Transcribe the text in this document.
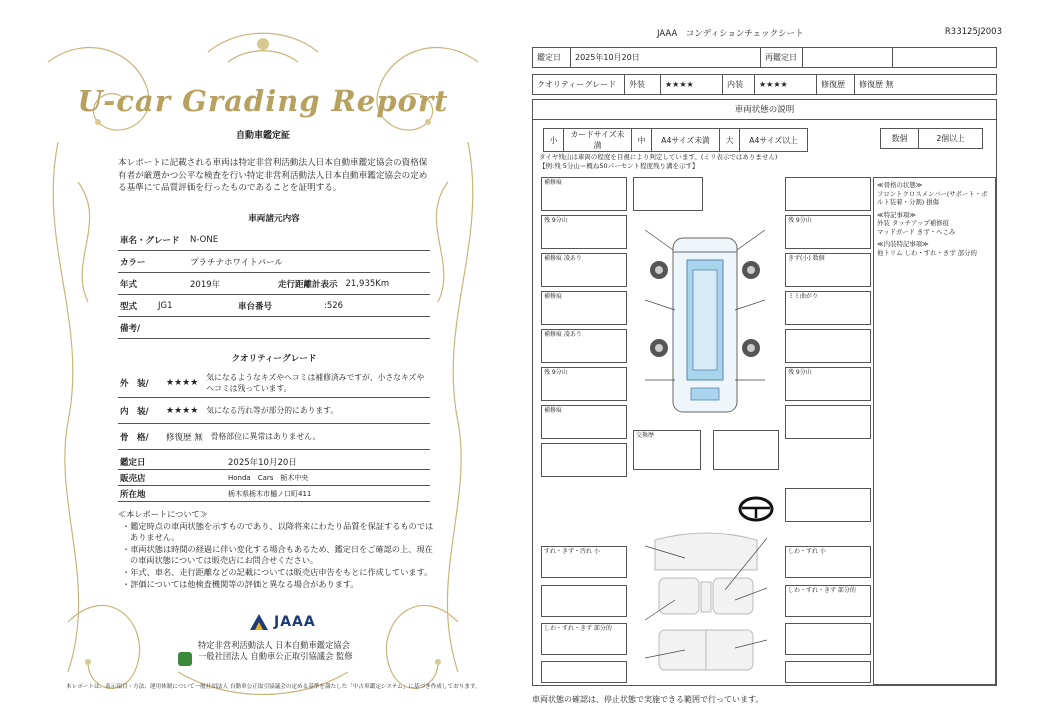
U-car Grading Report
自動車鑑定証
本レポートに記載される車両は特定非営利活動法人日本自動車鑑定協会の資格保有者が厳選かつ公平な検査を行い特定非営利活動法人日本自動車鑑定協会の定める基準にて品質評価を行ったものであることを証明する。
車両諸元内容
車名・グレード	N-ONE
カラー	プラチナホワイトパール
年式	2019年	走行距離計表示 21,935Km
型式	JG1	車台番号	:526
備考/
クオリティーグレード
外　装/	★★★★
気になるようなキズやヘコミは補修済みですが、小さなキズやヘコミは残っています。
内　装/	★★★★	気になる汚れ等が部分的にあります。
骨　格/	修復歴 無	骨格部位に異常はありません。
鑑定日	2025年10月20日
販売店	Honda　Cars　栃木中央
所在地	栃木県栃木市樋ノ口町411
≪本レポートについて≫
・鑑定時点の車両状態を示すものであり、以降将来にわたり品質を保証するものではありません。
・車両状態は時間の経過に伴い変化する場合もあるため、鑑定日をご確認の上、現在の車両状態については販売店にお問合せください。
・年式、車名、走行距離などの記載については販売店申告をもとに作成しています。
・評価については他検査機関等の評価と異なる場合があります。
JAAA
特定非営利活動法人 日本自動車鑑定協会
一般社団法人 自動車公正取引協議会 監修
本レポートは、表示項目・方法、運用体制について一般社団法人 自動車公正取引協議会の定める基準を満たした「中古車鑑定システム」に基づき作成しております。
JAAA　コンディションチェックシート	R33125J2003
鑑定日	2025年10月20日	再鑑定日		
クオリティーグレード	外装	★★★★	内装	★★★★	修復歴	修復歴 無
車両状態の説明
小	カードサイズ未満	中	A4サイズ未満	大	A4サイズ以上	数個	2個以上
タイヤ残山は車両の程度を目視により判定しています。(ミリ表示ではありません)
【例:残 5分山＝概ね50パーセント程度残り溝を示す】
補修痕
残 9分山
補修痕 凌あり
補修痕
補修痕 凌あり
残 9分山
補修痕
交換歴
残 9分山
きず(小) 数個
ミミ曲がり
残 9分山
すれ・きず・汚れ 小
しわ・すれ・きず 部分的
しわ・すれ 小
しわ・すれ・きず 部分的
≪骨格の状態≫
フロントクロスメンバー(サポート・ボルト装着・分割) 損傷
≪特記事項≫
外装 タッチアップ補修痕
マッドガード きず・へこみ
≪内装特記事項≫
他トリム しわ・すれ・きず 部分的
車両状態の確認は、停止状態で実施できる範囲で行っています。
